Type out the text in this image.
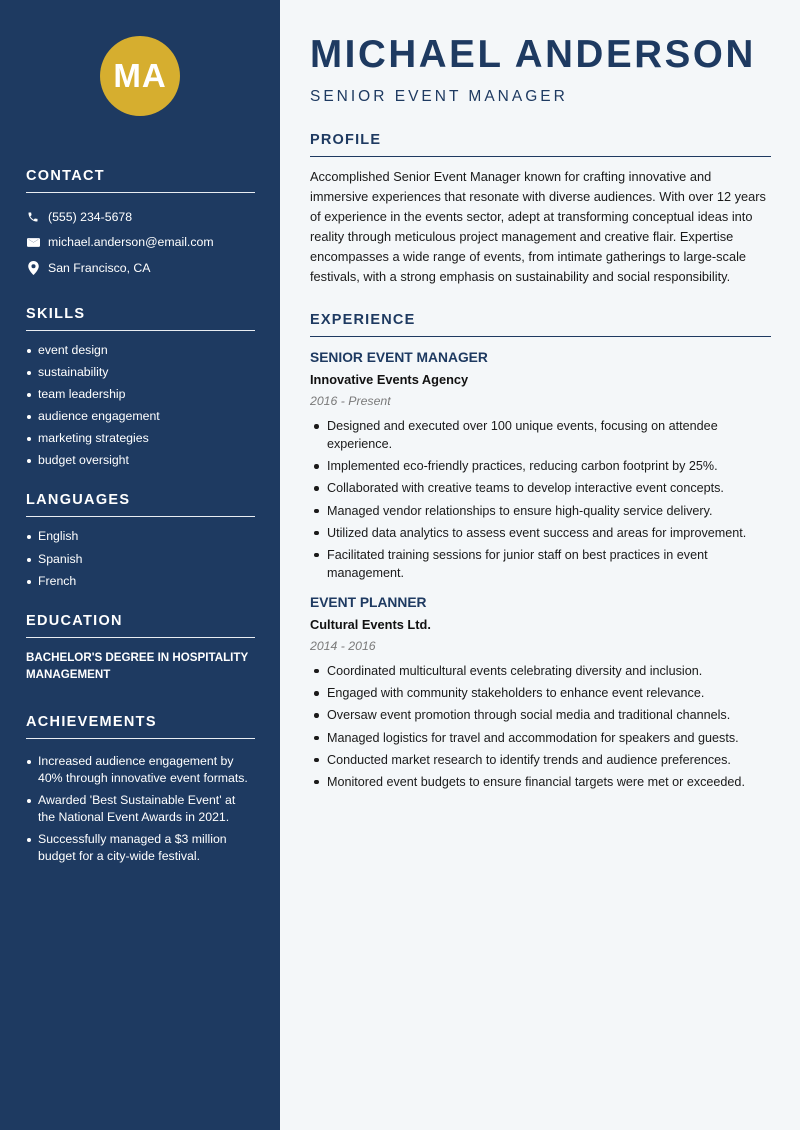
MA
CONTACT
(555) 234-5678
michael.anderson@email.com
San Francisco, CA
SKILLS
event design
sustainability
team leadership
audience engagement
marketing strategies
budget oversight
LANGUAGES
English
Spanish
French
EDUCATION
BACHELOR'S DEGREE IN HOSPITALITY MANAGEMENT
ACHIEVEMENTS
Increased audience engagement by 40% through innovative event formats.
Awarded 'Best Sustainable Event' at the National Event Awards in 2021.
Successfully managed a $3 million budget for a city-wide festival.
MICHAEL ANDERSON
SENIOR EVENT MANAGER
PROFILE

Accomplished Senior Event Manager known for crafting innovative and immersive experiences that resonate with diverse audiences. With over 12 years of experience in the events sector, adept at transforming conceptual ideas into reality through meticulous project management and creative flair. Expertise encompasses a wide range of events, from intimate gatherings to large-scale festivals, with a strong emphasis on sustainability and social responsibility.

EXPERIENCE
SENIOR EVENT MANAGER
Innovative Events Agency
2016 - Present
Designed and executed over 100 unique events, focusing on attendee experience.
Implemented eco-friendly practices, reducing carbon footprint by 25%.
Collaborated with creative teams to develop interactive event concepts.
Managed vendor relationships to ensure high-quality service delivery.
Utilized data analytics to assess event success and areas for improvement.
Facilitated training sessions for junior staff on best practices in event management.
EVENT PLANNER
Cultural Events Ltd.
2014 - 2016
Coordinated multicultural events celebrating diversity and inclusion.
Engaged with community stakeholders to enhance event relevance.
Oversaw event promotion through social media and traditional channels.
Managed logistics for travel and accommodation for speakers and guests.
Conducted market research to identify trends and audience preferences.
Monitored event budgets to ensure financial targets were met or exceeded.
